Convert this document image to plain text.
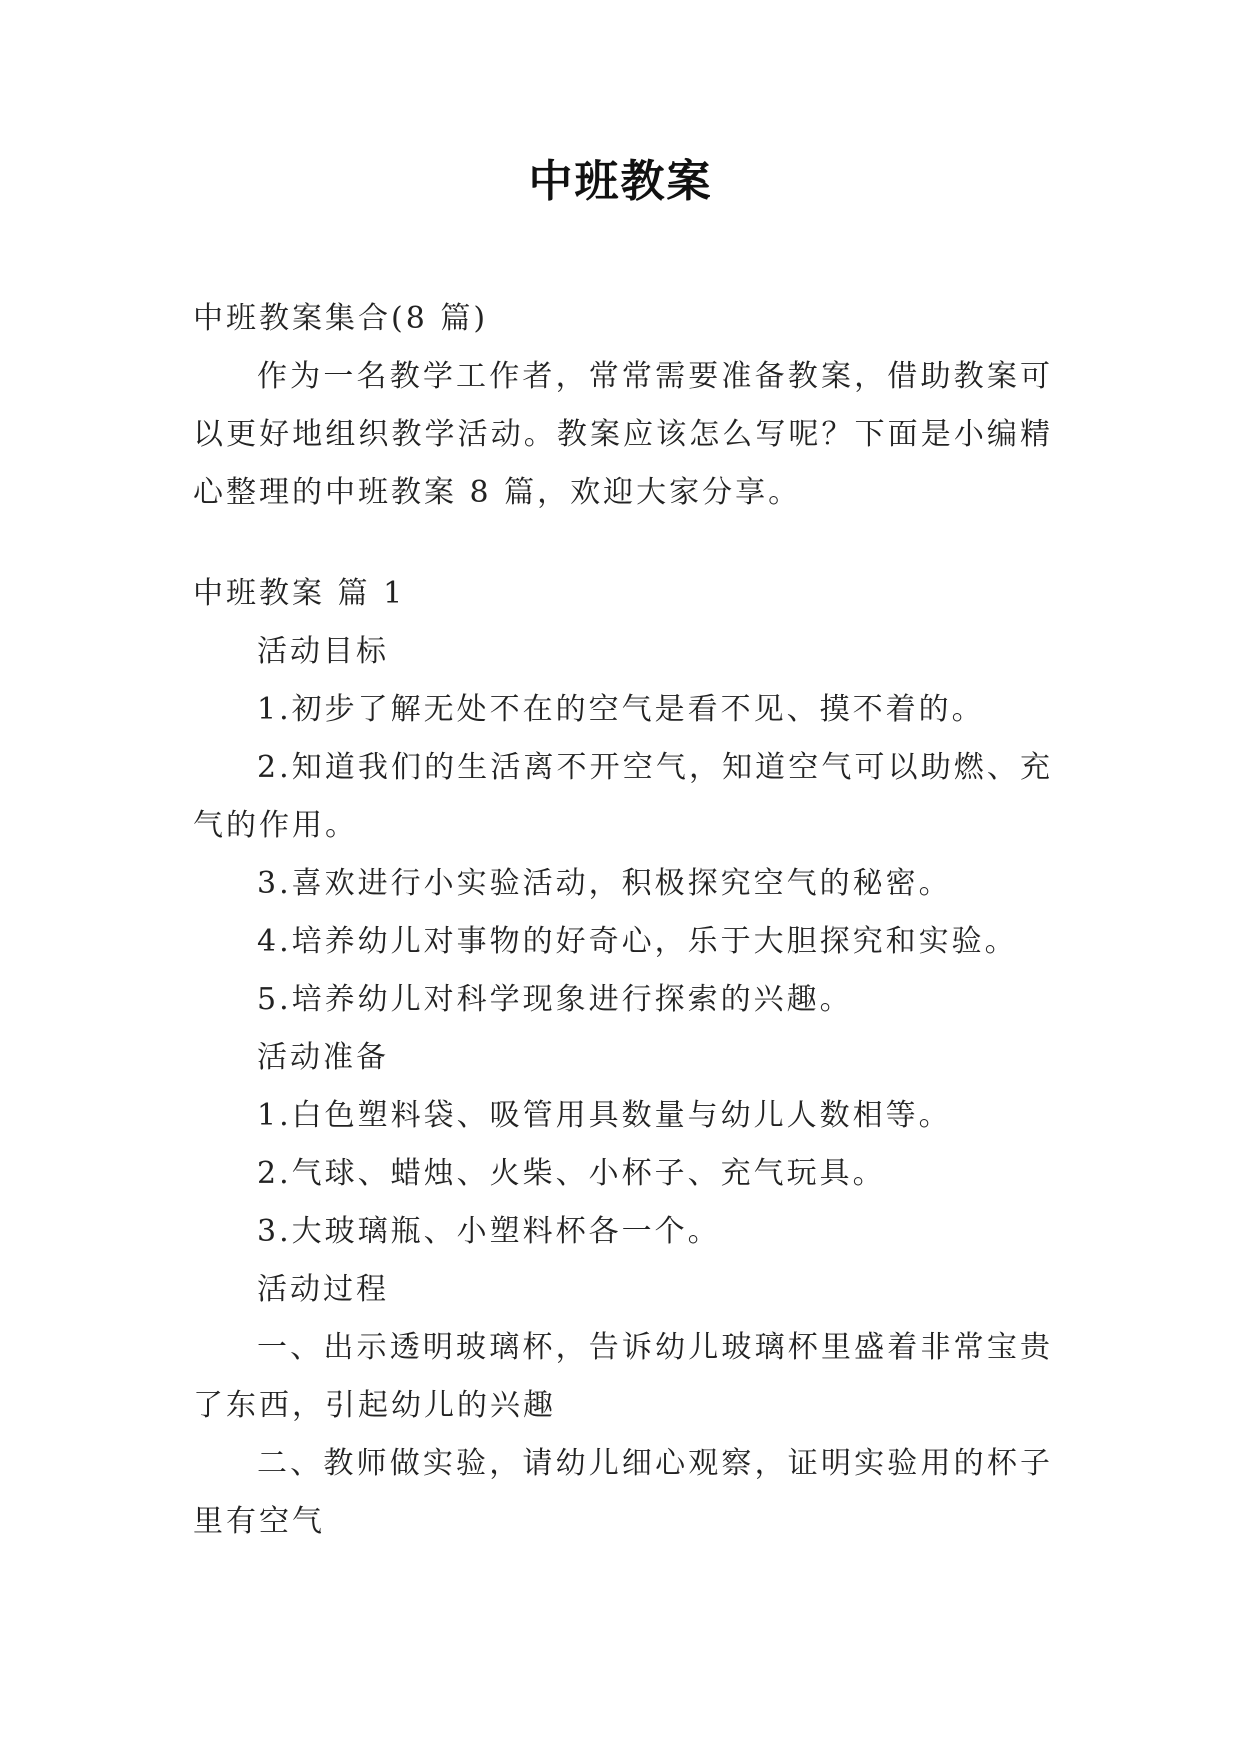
中班教案

中班教案集合(8 篇)

作为一名教学工作者，常常需要准备教案，借助教案可以更好地组织教学活动。教案应该怎么写呢？下面是小编精心整理的中班教案 8 篇，欢迎大家分享。

中班教案 篇 1

活动目标

1.初步了解无处不在的空气是看不见、摸不着的。

2.知道我们的生活离不开空气，知道空气可以助燃、充气的作用。

3.喜欢进行小实验活动，积极探究空气的秘密。

4.培养幼儿对事物的好奇心，乐于大胆探究和实验。

5.培养幼儿对科学现象进行探索的兴趣。

活动准备

1.白色塑料袋、吸管用具数量与幼儿人数相等。

2.气球、蜡烛、火柴、小杯子、充气玩具。

3.大玻璃瓶、小塑料杯各一个。

活动过程

一、出示透明玻璃杯，告诉幼儿玻璃杯里盛着非常宝贵了东西，引起幼儿的兴趣

二、教师做实验，请幼儿细心观察，证明实验用的杯子里有空气
